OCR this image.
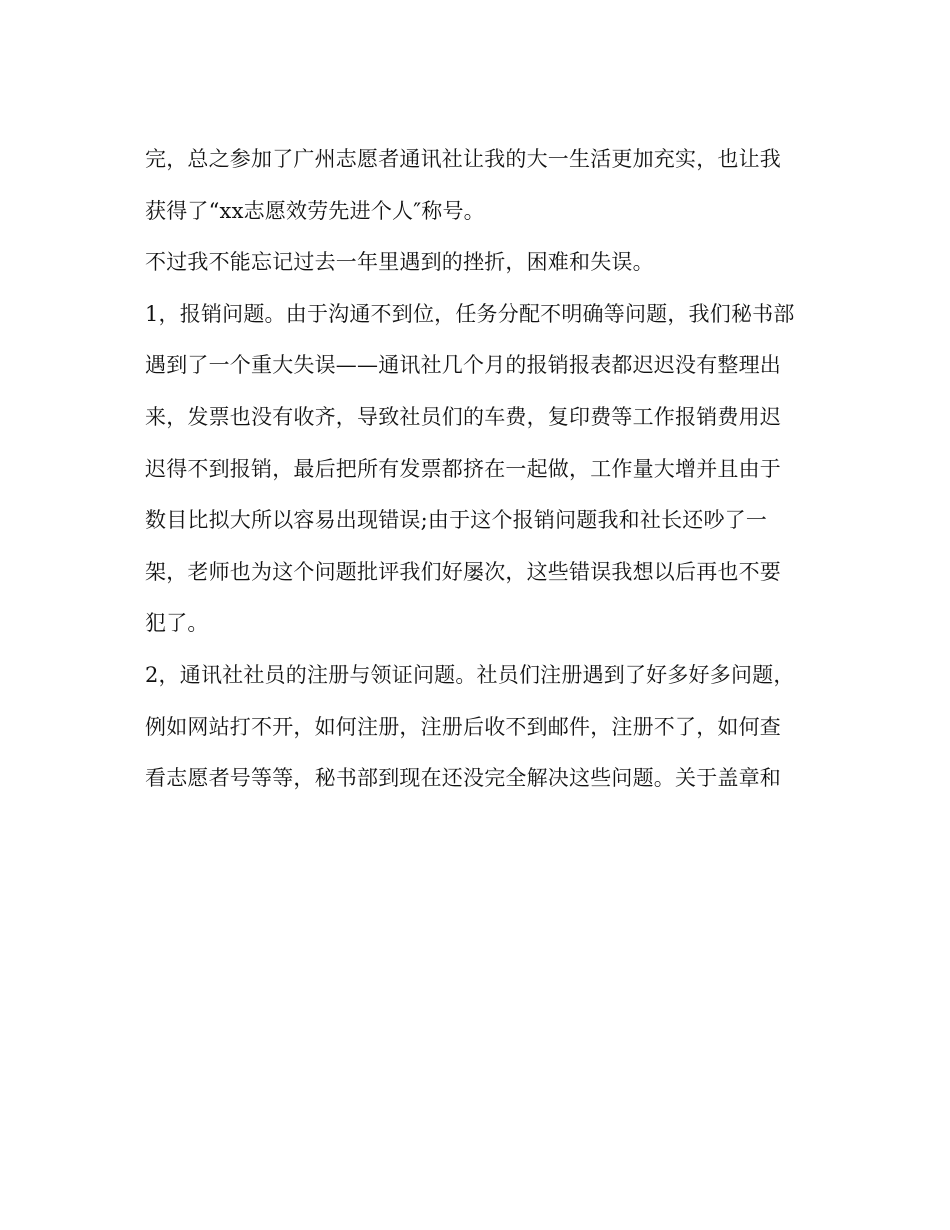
完，总之参加了广州志愿者通讯社让我的大一生活更加充实，也让我
获得了“xx志愿效劳先进个人″称号。
不过我不能忘记过去一年里遇到的挫折，困难和失误。
1，报销问题。由于沟通不到位，任务分配不明确等问题，我们秘书部
遇到了一个重大失误——通讯社几个月的报销报表都迟迟没有整理出
来，发票也没有收齐，导致社员们的车费，复印费等工作报销费用迟
迟得不到报销，最后把所有发票都挤在一起做，工作量大增并且由于
数目比拟大所以容易出现错误;由于这个报销问题我和社长还吵了一
架，老师也为这个问题批评我们好屡次，这些错误我想以后再也不要
犯了。
2，通讯社社员的注册与领证问题。社员们注册遇到了好多好多问题，
例如网站打不开，如何注册，注册后收不到邮件，注册不了，如何查
看志愿者号等等，秘书部到现在还没完全解决这些问题。关于盖章和
